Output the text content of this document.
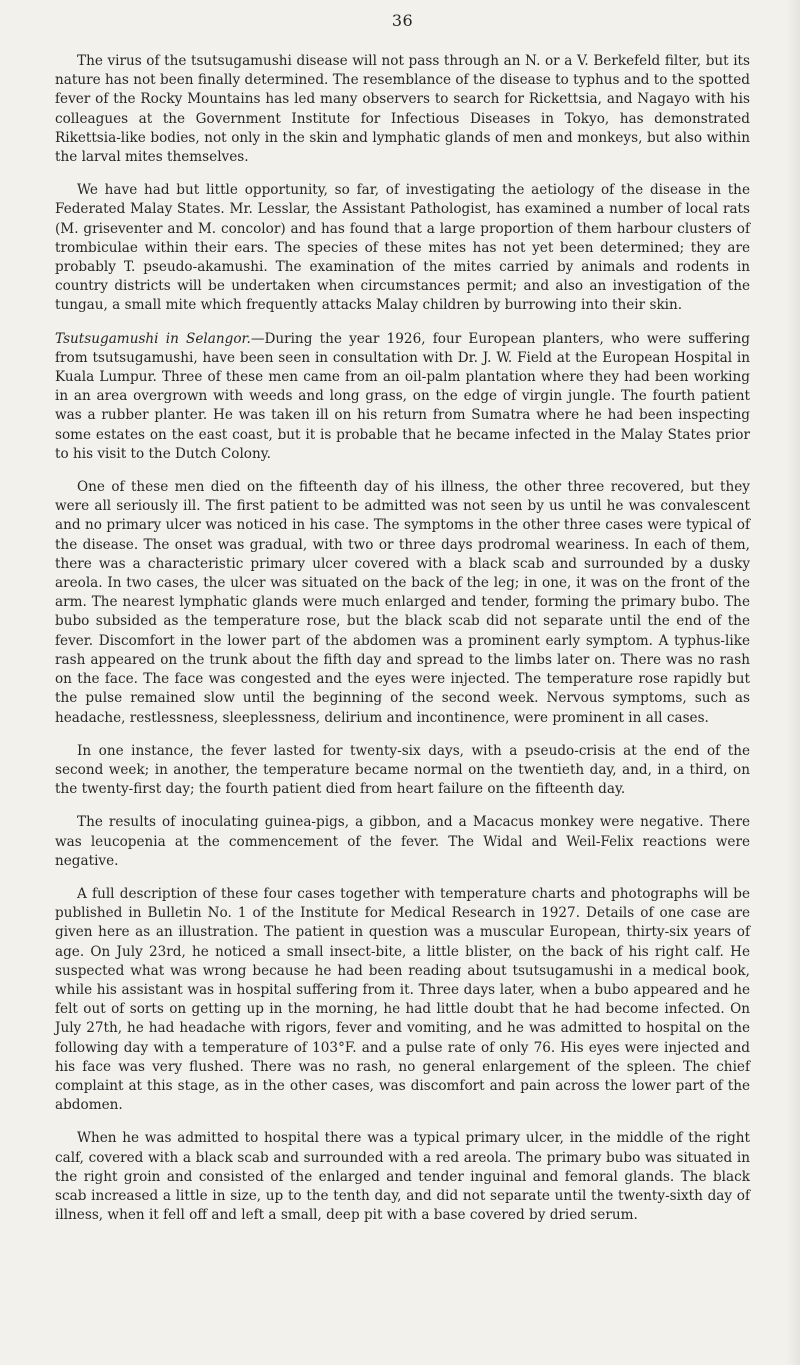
36

The virus of the tsutsugamushi disease will not pass through an N. or a V. Berkefeld filter, but its nature has not been finally determined. The resemblance of the disease to typhus and to the spotted fever of the Rocky Mountains has led many observers to search for Rickettsia, and Nagayo with his colleagues at the Government Institute for Infectious Diseases in Tokyo, has demonstrated Rikettsia-like bodies, not only in the skin and lymphatic glands of men and monkeys, but also within the larval mites themselves.

We have had but little opportunity, so far, of investigating the aetiology of the disease in the Federated Malay States. Mr. Lesslar, the Assistant Pathologist, has examined a number of local rats (M. griseventer and M. concolor) and has found that a large proportion of them harbour clusters of trombiculae within their ears. The species of these mites has not yet been determined; they are probably T. pseudo-akamushi. The examination of the mites carried by animals and rodents in country districts will be undertaken when circumstances permit; and also an investigation of the tungau, a small mite which frequently attacks Malay children by burrowing into their skin.

Tsutsugamushi in Selangor.—During the year 1926, four European planters, who were suffering from tsutsugamushi, have been seen in consultation with Dr. J. W. Field at the European Hospital in Kuala Lumpur. Three of these men came from an oil-palm plantation where they had been working in an area overgrown with weeds and long grass, on the edge of virgin jungle. The fourth patient was a rubber planter. He was taken ill on his return from Sumatra where he had been inspecting some estates on the east coast, but it is probable that he became infected in the Malay States prior to his visit to the Dutch Colony.

One of these men died on the fifteenth day of his illness, the other three recovered, but they were all seriously ill. The first patient to be admitted was not seen by us until he was convalescent and no primary ulcer was noticed in his case. The symptoms in the other three cases were typical of the disease. The onset was gradual, with two or three days prodromal weariness. In each of them, there was a characteristic primary ulcer covered with a black scab and surrounded by a dusky areola. In two cases, the ulcer was situated on the back of the leg; in one, it was on the front of the arm. The nearest lymphatic glands were much enlarged and tender, forming the primary bubo. The bubo subsided as the temperature rose, but the black scab did not separate until the end of the fever. Discomfort in the lower part of the abdomen was a prominent early symptom. A typhus-like rash appeared on the trunk about the fifth day and spread to the limbs later on. There was no rash on the face. The face was congested and the eyes were injected. The temperature rose rapidly but the pulse remained slow until the beginning of the second week. Nervous symptoms, such as headache, restlessness, sleeplessness, delirium and incontinence, were prominent in all cases.

In one instance, the fever lasted for twenty-six days, with a pseudo-crisis at the end of the second week; in another, the temperature became normal on the twentieth day, and, in a third, on the twenty-first day; the fourth patient died from heart failure on the fifteenth day.

The results of inoculating guinea-pigs, a gibbon, and a Macacus monkey were negative. There was leucopenia at the commencement of the fever. The Widal and Weil-Felix reactions were negative.

A full description of these four cases together with temperature charts and photographs will be published in Bulletin No. 1 of the Institute for Medical Research in 1927. Details of one case are given here as an illustration. The patient in question was a muscular European, thirty-six years of age. On July 23rd, he noticed a small insect-bite, a little blister, on the back of his right calf. He suspected what was wrong because he had been reading about tsutsugamushi in a medical book, while his assistant was in hospital suffering from it. Three days later, when a bubo appeared and he felt out of sorts on getting up in the morning, he had little doubt that he had become infected. On July 27th, he had headache with rigors, fever and vomiting, and he was admitted to hospital on the following day with a temperature of 103°F. and a pulse rate of only 76. His eyes were injected and his face was very flushed. There was no rash, no general enlargement of the spleen. The chief complaint at this stage, as in the other cases, was discomfort and pain across the lower part of the abdomen.

When he was admitted to hospital there was a typical primary ulcer, in the middle of the right calf, covered with a black scab and surrounded with a red areola. The primary bubo was situated in the right groin and consisted of the enlarged and tender inguinal and femoral glands. The black scab increased a little in size, up to the tenth day, and did not separate until the twenty-sixth day of illness, when it fell off and left a small, deep pit with a base covered by dried serum.
